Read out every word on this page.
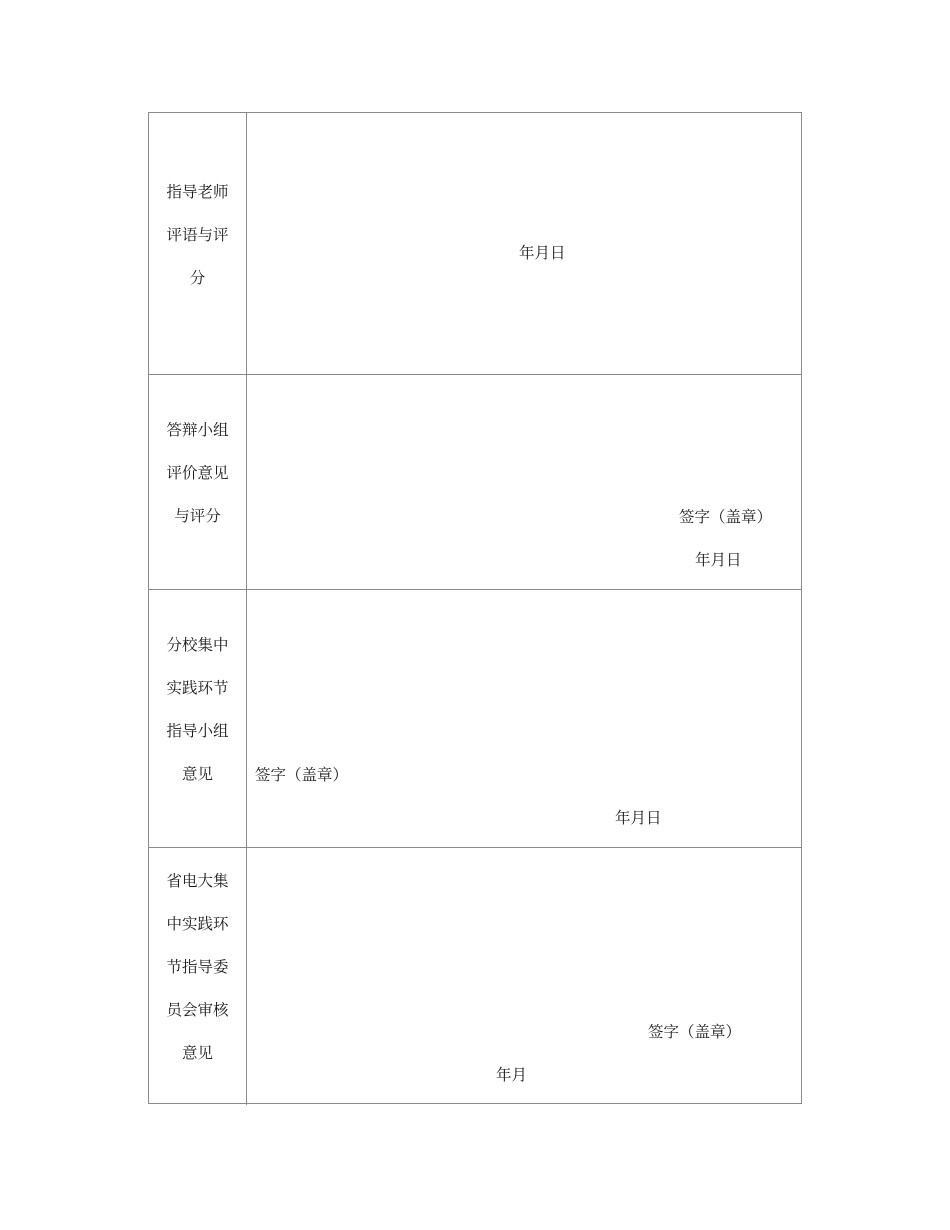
指导老师
评语与评
分
年月日
答辩小组
评价意见
与评分	签字（盖章）
年月日
分校集中
实践环节
指导小组
意见	签字（盖章）
年月日
省电大集
中实践环
节指导委
员会审核
意见
签字（盖章）
年月
